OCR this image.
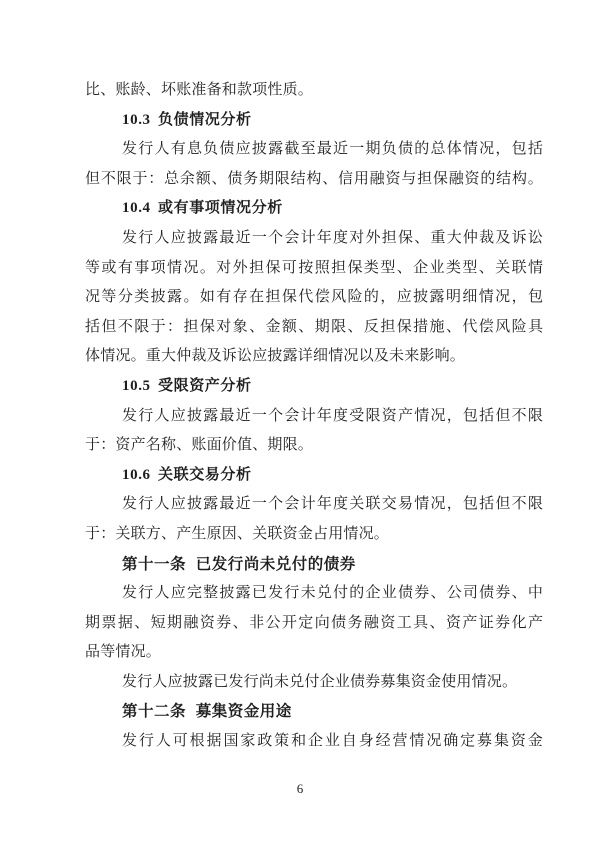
比、账龄、坏账准备和款项性质。
10.3 负债情况分析
发 行 人 有 息 负 债 应 披 露 截 至 最 近 一 期 负 债 的 总 体 情 况 ， 包 括
但 不 限 于 ： 总 余 额 、 债 务 期 限 结 构 、 信 用 融 资 与 担 保 融 资 的 结 构 。
10.4 或有事项情况分析
发 行 人 应 披 露 最 近 一 个 会 计 年 度 对 外 担 保 、 重 大 仲 裁 及 诉 讼
等 或 有 事 项 情 况 。 对 外 担 保 可 按 照 担 保 类 型 、 企 业 类 型 、 关 联 情
况 等 分 类 披 露 。 如 有 存 在 担 保 代 偿 风 险 的 ， 应 披 露 明 细 情 况 ， 包
括 但 不 限 于 ： 担 保 对 象 、 金 额 、 期 限 、 反 担 保 措 施 、 代 偿 风 险 具
体情况。重大仲裁及诉讼应披露详细情况以及未来影响。
10.5 受限资产分析
发 行 人 应 披 露 最 近 一 个 会 计 年 度 受 限 资 产 情 况 ， 包 括 但 不 限
于：资产名称、账面价值、期限。
10.6 关联交易分析
发 行 人 应 披 露 最 近 一 个 会 计 年 度 关 联 交 易 情 况 ， 包 括 但 不 限
于：关联方、产生原因、关联资金占用情况。
第十一条 已发行尚未兑付的债券
发 行 人 应 完 整 披 露 已 发 行 未 兑 付 的 企 业 债 券 、 公 司 债 券 、 中
期 票 据 、 短 期 融 资 券 、 非 公 开 定 向 债 务 融 资 工 具 、 资 产 证 券 化 产
品等情况。
发行人应披露已发行尚未兑付企业债券募集资金使用情况。
第十二条 募集资金用途
发 行 人 可 根 据 国 家 政 策 和 企 业 自 身 经 营 情 况 确 定 募 集 资 金
6
